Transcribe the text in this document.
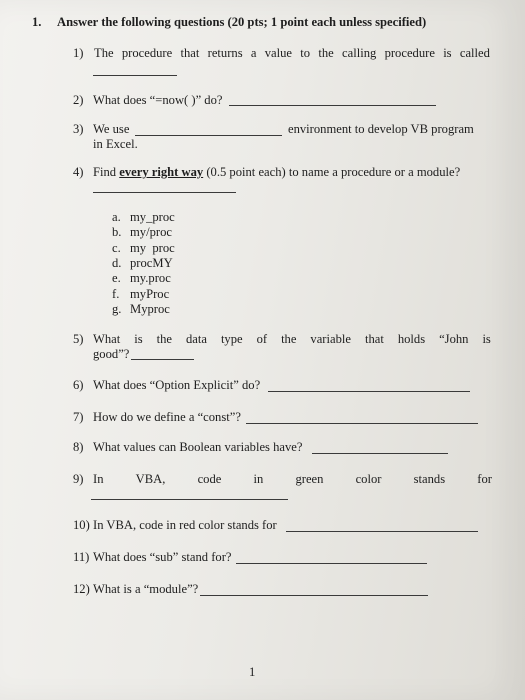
1. Answer the following questions (20 pts; 1 point each unless specified)
1) The procedure that returns a value to the calling procedure is called
2) What does “=now( )” do?
3) We use	environment to develop VB program
in Excel.
4) Find every right way (0.5 point each) to name a procedure or a module?
a. my_proc
b. my/proc
c. my  proc
d. procMY
e. my.proc
f. myProc
g. Myproc
5) What is the data type of the variable that holds “John is
good”?
6) What does “Option Explicit” do?
7) How do we define a “const”?
8) What values can Boolean variables have?
9) In	VBA,	code	in	green	color	stands	for
10) In VBA, code in red color stands for
11) What does “sub” stand for?
12) What is a “module”?
1
